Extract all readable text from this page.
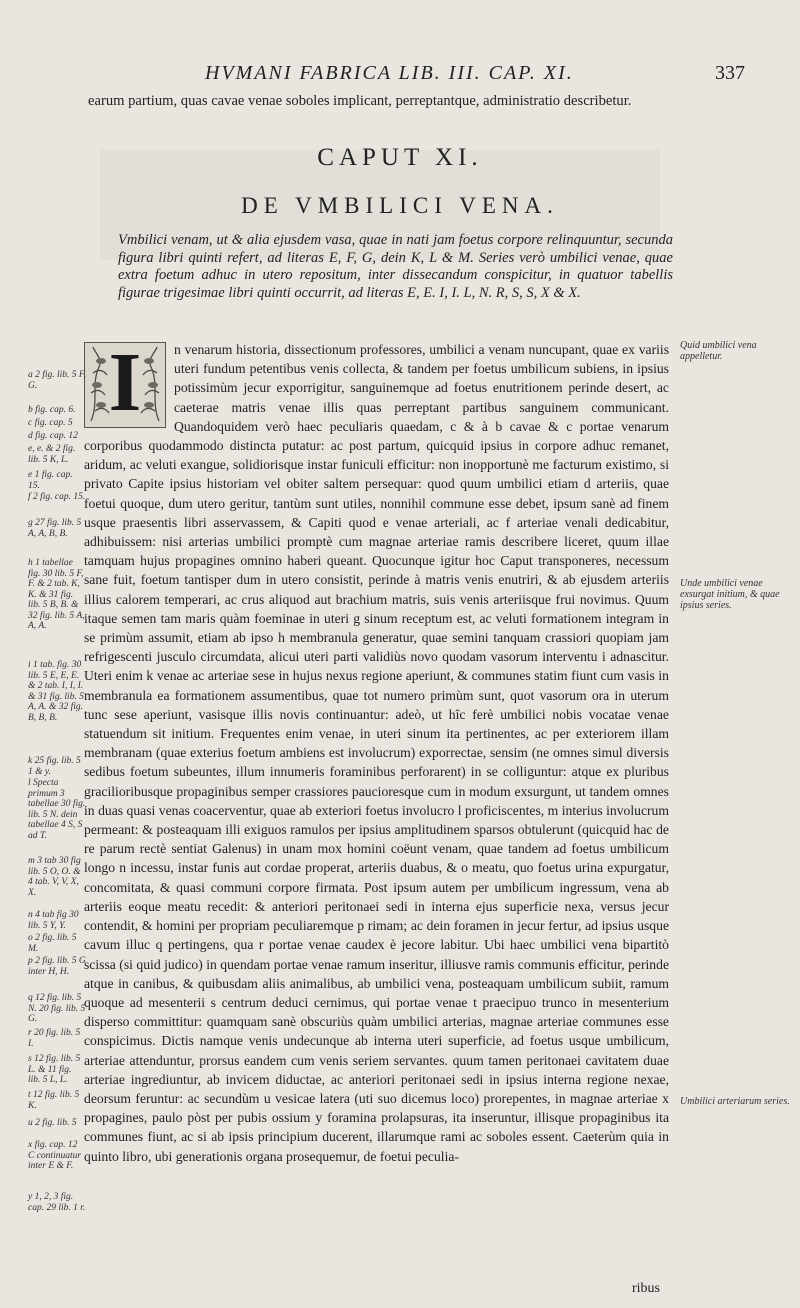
HVMANI FABRICA LIB. III. CAP. XI.	337
earum partium, quas cavae venae soboles implicant, perreptantque, administratio describetur.
CAPUT XI.
DE VMBILICI VENA.
Vmbilici venam, ut & alia ejusdem vasa, quae in nati jam foetus corpore relinquuntur, secunda figura libri quinti refert, ad literas E, F, G, dein K, L & M. Series verò umbilici venae, quae extra foetum adhuc in utero repositum, inter dissecandum conspicitur, in quatuor tabellis figurae trigesimae libri quinti occurrit, ad literas E, E. I, I. L, N. R, S, S, X & X.
I	n venarum historia, dissectionum professores, umbilici a venam nuncupant, quae ex variis uteri fundum petentibus venis collecta, & tandem per foetus umbilicum subiens, in ipsius potissimùm jecur exporrigitur, sanguinemque ad foetus enutritionem perinde desert, ac caeterae matris venae illis quas perreptant partibus sanguinem communicant. Quandoquidem verò haec peculiaris quaedam, c & à b cavae & c portae venarum corporibus quodammodo distincta putatur: ac post partum, quicquid ipsius in corpore adhuc remanet, aridum, ac veluti exangue, solidiorisque instar funiculi efficitur: non inopportunè me facturum existimo, si privato Capite ipsius historiam vel obiter saltem persequar: quod quum umbilici etiam d arteriis, quae foetui quoque, dum utero geritur, tantùm sunt utiles, nonnihil commune esse debet, ipsum sanè ad finem usque praesentis libri asservassem, & Capiti quod e venae arteriali, ac f arteriae venali dedicabitur, adhibuissem: nisi arterias umbilici promptè cum magnae arteriae ramis describere liceret, quum illae tamquam hujus propagines omnino haberi queant. Quocunque igitur hoc Caput transponeres, necessum sane fuit, foetum tantisper dum in utero consistit, perinde à matris venis enutriri, & ab ejusdem arteriis illius calorem temperari, ac crus aliquod aut brachium matris, suis venis arteriisque frui novimus. Quum itaque semen tam maris quàm foeminae in uteri g sinum receptum est, ac veluti formationem integram in se primùm assumit, etiam ab ipso h membranula generatur, quae semini tanquam crassiori quopiam jam refrigescenti jusculo circumdata, alicui uteri parti validiùs novo quodam vasorum interventu i adnascitur. Uteri enim k venae ac arteriae sese in hujus nexus regione aperiunt, & communes statim fiunt cum vasis in membranula ea formationem assumentibus, quae tot numero primùm sunt, quot vasorum ora in uterum tunc sese aperiunt, vasisque illis novis continuantur: adeò, ut hîc ferè umbilici nobis vocatae venae statuendum sit initium. Frequentes enim venae, in uteri sinum ita pertinentes, ac per exteriorem illam membranam (quae exterius foetum ambiens est involucrum) exporrectae, sensim (ne omnes simul diversis sedibus foetum subeuntes, illum innumeris foraminibus perforarent) in se colliguntur: atque ex pluribus gracilioribusque propaginibus semper crassiores paucioresque cum in modum exsurgunt, ut tandem omnes in duas quasi venas coacerventur, quae ab exteriori foetus involucro l proficiscentes, m interius involucrum permeant: & posteaquam illi exiguos ramulos per ipsius amplitudinem sparsos obtulerunt (quicquid hac de re parum rectè sentiat Galenus) in unam mox homini coëunt venam, quae tandem ad foetus umbilicum longo n incessu, instar funis aut cordae properat, arteriis duabus, & o meatu, quo foetus urina expurgatur, concomitata, & quasi communi corpore firmata. Post ipsum autem per umbilicum ingressum, vena ab arteriis eoque meatu recedit: & anteriori peritonaei sedi in interna ejus superficie nexa, versus jecur contendit, & homini per propriam peculiaremque p rimam; ac dein foramen in jecur fertur, ad ipsius usque cavum illuc q pertingens, qua r portae venae caudex è jecore labitur. Ubi haec umbilici vena bipartitò scissa (si quid judico) in quendam portae venae ramum inseritur, illiusve ramis communis efficitur, perinde atque in canibus, & quibusdam aliis animalibus, ab umbilici vena, posteaquam umbilicum subiit, ramum quoque ad mesenterii s centrum deduci cernimus, qui portae venae t praecipuo trunco in mesenterium disperso committitur: quamquam sanè obscuriùs quàm umbilici arterias, magnae arteriae communes esse conspicimus. Dictis namque venis undecunque ab interna uteri superficie, ad foetus usque umbilicum, arteriae attenduntur, prorsus eandem cum venis seriem servantes. quum tamen peritonaei cavitatem duae arteriae ingrediuntur, ab invicem diductae, ac anteriori peritonaei sedi in ipsius interna regione nexae, deorsum feruntur: ac secundùm u vesicae latera (uti suo dicemus loco) prorepentes, in magnae arteriae x propagines, paulo pòst per pubis ossium y foramina prolapsuras, ita inseruntur, illisque propaginibus ita communes fiunt, ac si ab ipsis principium ducerent, illarumque rami ac soboles essent. Caeterùm quia in quinto libro, ubi generationis organa prosequemur, de foetui peculia-
ribus
a 2 fig. lib. 5 F, G.
b fig. cap. 6.
c fig. cap. 5
d fig. cap. 12
e, e. & 2 fig. lib. 5 K, L.
e 1 fig. cap. 15.
f 2 fig. cap. 15.
g 27 fig. lib. 5 A, A, B, B.
h 1 tabellae fig. 30 lib. 5 F, F. & 2 tab. K, K. & 31 fig. lib. 5 B, B. & 32 fig. lib. 5 A, A, A.
i 1 tab. fig. 30 lib. 5 E, E, E. & 2 tab. I, I, I. & 31 fig. lib. 5 A, A. & 32 fig. B, B, B.
k 25 fig. lib. 5 1 & y.
l Specta primum 3 tabellae 30 fig. lib. 5 N. dein tabellae 4 S, S ad T.
m 3 tab 30 fig lib. 5 O, O. & 4 tab. V, V, X, X.
n 4 tab fig 30 lib. 5 Y, Y.
o 2 fig. lib. 5 M.
p 2 fig. lib. 5 G inter H, H.
q 12 fig. lib. 5 N. 20 fig. lib. 5 G.
r 20 fig. lib. 5 I.
s 12 fig. lib. 5 L. & 11 fig. lib. 5 L, L.
t 12 fig. lib. 5 K.
u 2 fig. lib. 5
x fig. cap. 12 C continuatur inter E & F.
y 1, 2, 3 fig. cap. 29 lib. 1 r.
Quid umbilici vena appelletur.
Unde umbilici venae exsurgat initium, & quae ipsius series.
Umbilici arteriarum series.
